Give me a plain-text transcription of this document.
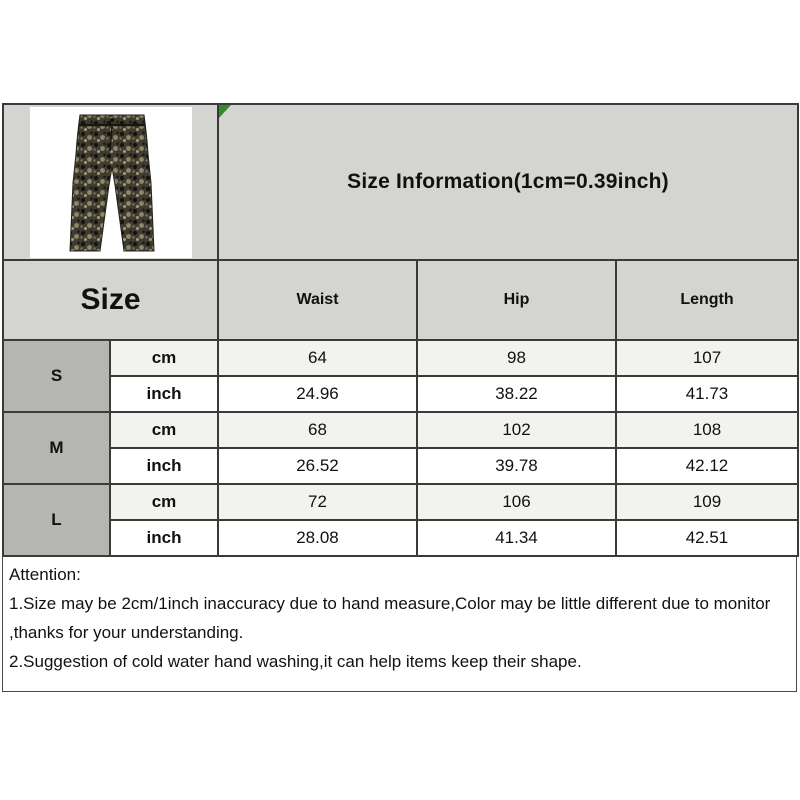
Size Information(1cm=0.39inch)		
Size		Waist	Hip	Length
S	cm	64	98	107
	inch	24.96	38.22	41.73
M	cm	68	102	108
	inch	26.52	39.78	42.12
L	cm	72	106	109
	inch	28.08	41.34	42.51

Attention:

1.Size may be 2cm/1inch inaccuracy due to hand measure,Color may be little different due to monitor ,thanks for your understanding.

2.Suggestion of cold water hand washing,it can help items keep their shape.
